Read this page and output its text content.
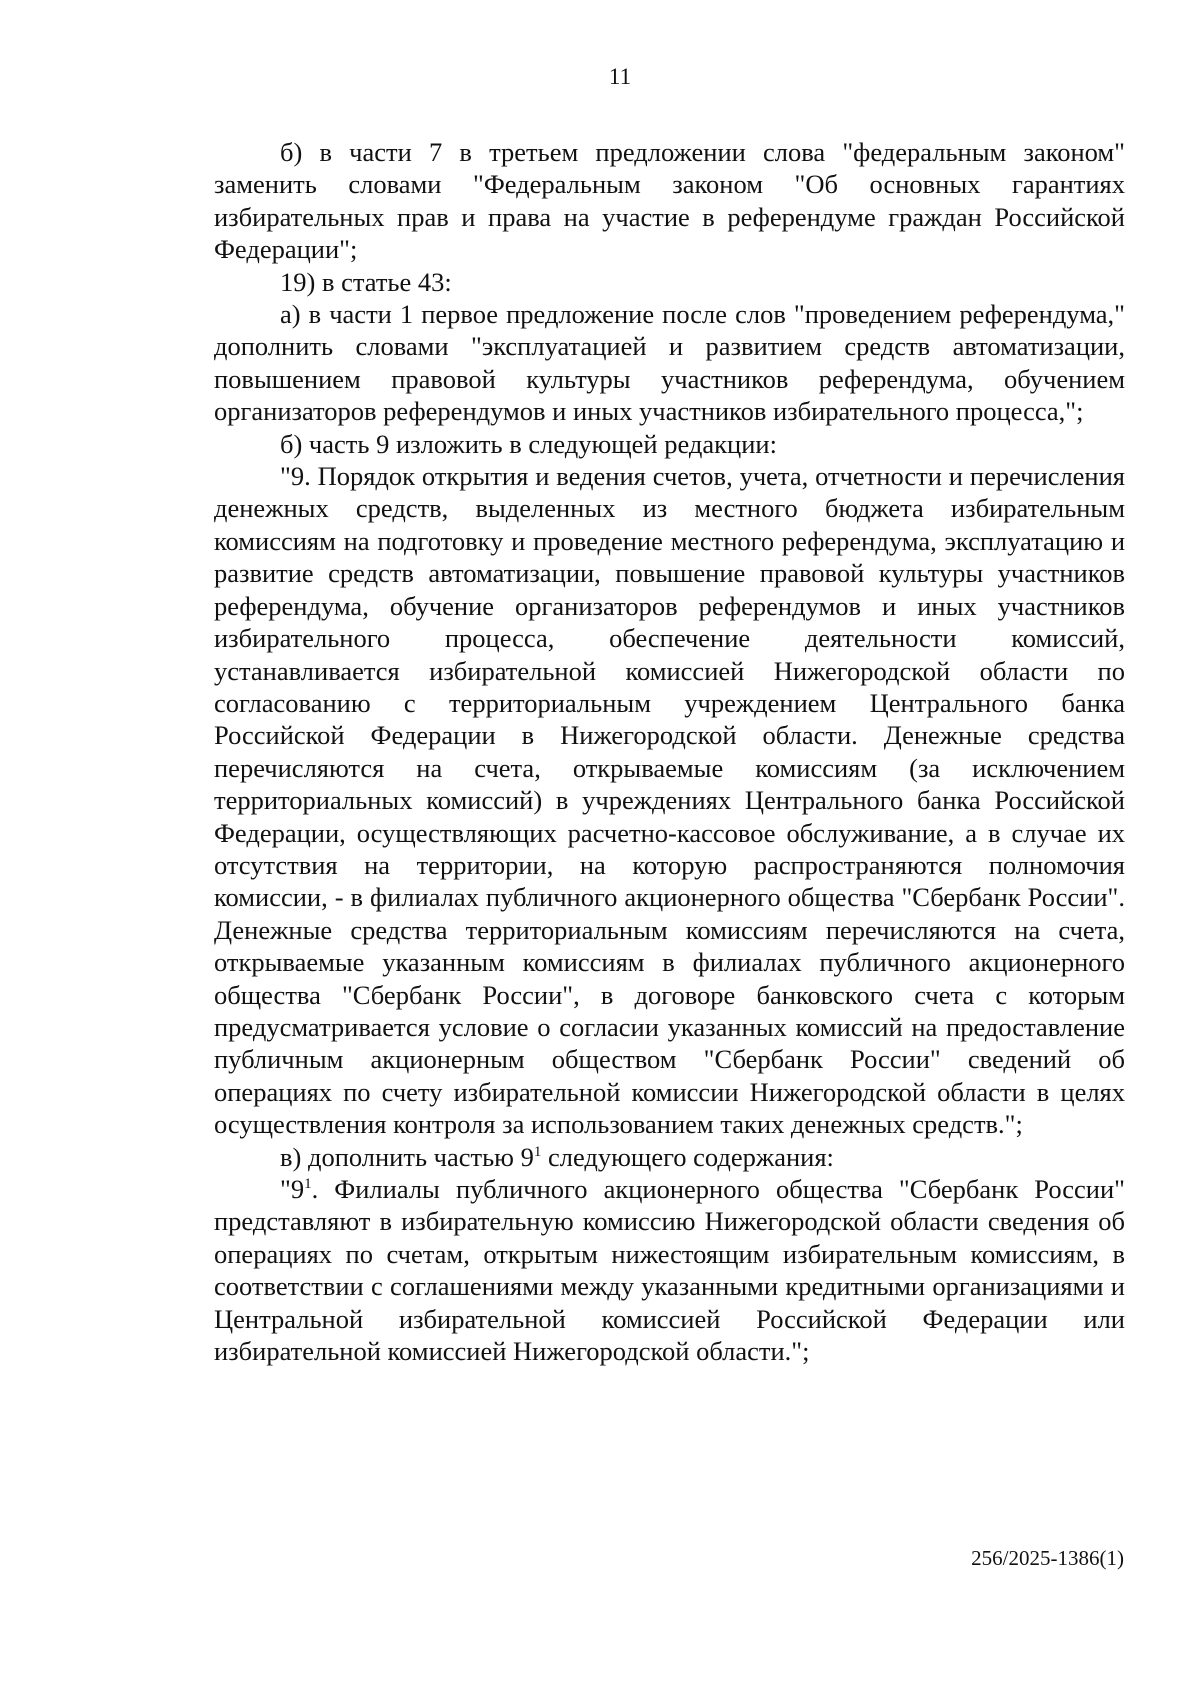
11

б) в части 7 в третьем предложении слова "федеральным законом" заменить словами "Федеральным законом "Об основных гарантиях избирательных прав и права на участие в референдуме граждан Российской Федерации";

19) в статье 43:

а) в части 1 первое предложение после слов "проведением референдума," дополнить словами "эксплуатацией и развитием средств автоматизации, повышением правовой культуры участников референдума, обучением организаторов референдумов и иных участников избирательного процесса,";

б) часть 9 изложить в следующей редакции:

"9. Порядок открытия и ведения счетов, учета, отчетности и перечисления денежных средств, выделенных из местного бюджета избирательным комиссиям на подготовку и проведение местного референдума, эксплуатацию и развитие средств автоматизации, повышение правовой культуры участников референдума, обучение организаторов референдумов и иных участников избирательного процесса, обеспечение деятельности комиссий, устанавливается избирательной комиссией Нижегородской области по согласованию с территориальным учреждением Центрального банка Российской Федерации в Нижегородской области. Денежные средства перечисляются на счета, открываемые комиссиям (за исключением территориальных комиссий) в учреждениях Центрального банка Российской Федерации, осуществляющих расчетно-кассовое обслуживание, а в случае их отсутствия на территории, на которую распространяются полномочия комиссии, - в филиалах публичного акционерного общества "Сбербанк России". Денежные средства территориальным комиссиям перечисляются на счета, открываемые указанным комиссиям в филиалах публичного акционерного общества "Сбербанк России", в договоре банковского счета с которым предусматривается условие о согласии указанных комиссий на предоставление публичным акционерным обществом "Сбербанк России" сведений об операциях по счету избирательной комиссии Нижегородской области в целях осуществления контроля за использованием таких денежных средств.";

в) дополнить частью $9^1$ следующего содержания:

"$9^1$. Филиалы публичного акционерного общества "Сбербанк России" представляют в избирательную комиссию Нижегородской области сведения об операциях по счетам, открытым нижестоящим избирательным комиссиям, в соответствии с соглашениями между указанными кредитными организациями и Центральной избирательной комиссией Российской Федерации или избирательной комиссией Нижегородской области.";

256/2025-1386(1)
